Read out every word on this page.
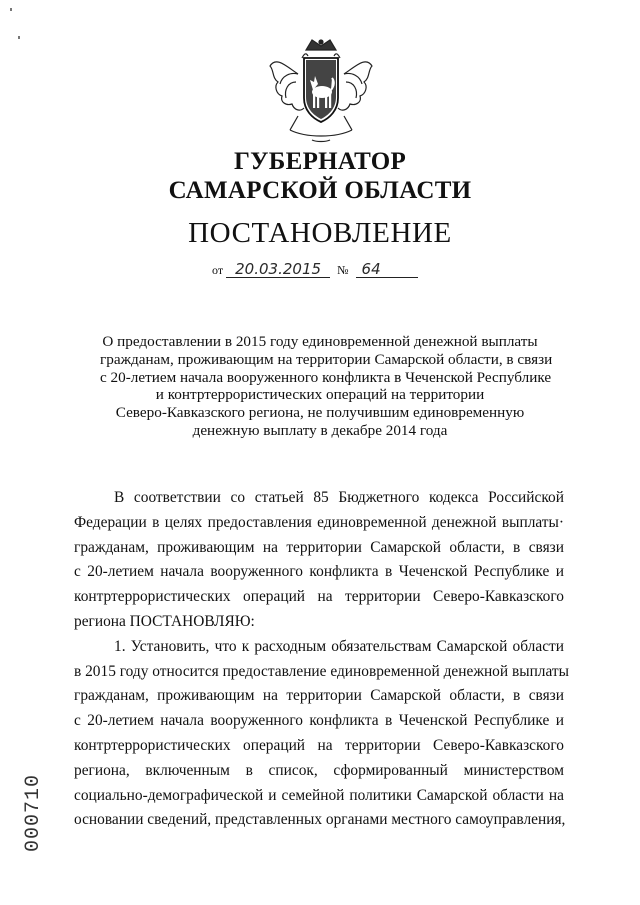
ГУБЕРНАТОР
САМАРСКОЙ ОБЛАСТИ
ПОСТАНОВЛЕНИЕ
от 20.03.2015 № 64
О предоставлении в 2015 году единовременной денежной выплаты
гражданам, проживающим на территории Самарской области, в связи
с 20-летием начала вооруженного конфликта в Чеченской Республике
и контртеррористических операций на территории
Северо-Кавказского региона, не получившим единовременную
денежную выплату в декабре 2014 года
В соответствии со статьей 85 Бюджетного кодекса Российской
Федерации в целях предоставления единовременной денежной выплаты·
гражданам, проживающим на территории Самарской области, в связи
с 20-летием начала вооруженного конфликта в Чеченской Республике и
контртеррористических операций на территории Северо-Кавказского
региона ПОСТАНОВЛЯЮ:
1. Установить, что к расходным обязательствам Самарской области
в 2015 году относится предоставление единовременной денежной выплаты
гражданам, проживающим на территории Самарской области, в связи
с 20-летием начала вооруженного конфликта в Чеченской Республике и
контртеррористических операций на территории Северо-Кавказского
региона, включенным в список, сформированный министерством
социально-демографической и семейной политики Самарской области на
основании сведений, представленных органами местного самоуправления,
000710
